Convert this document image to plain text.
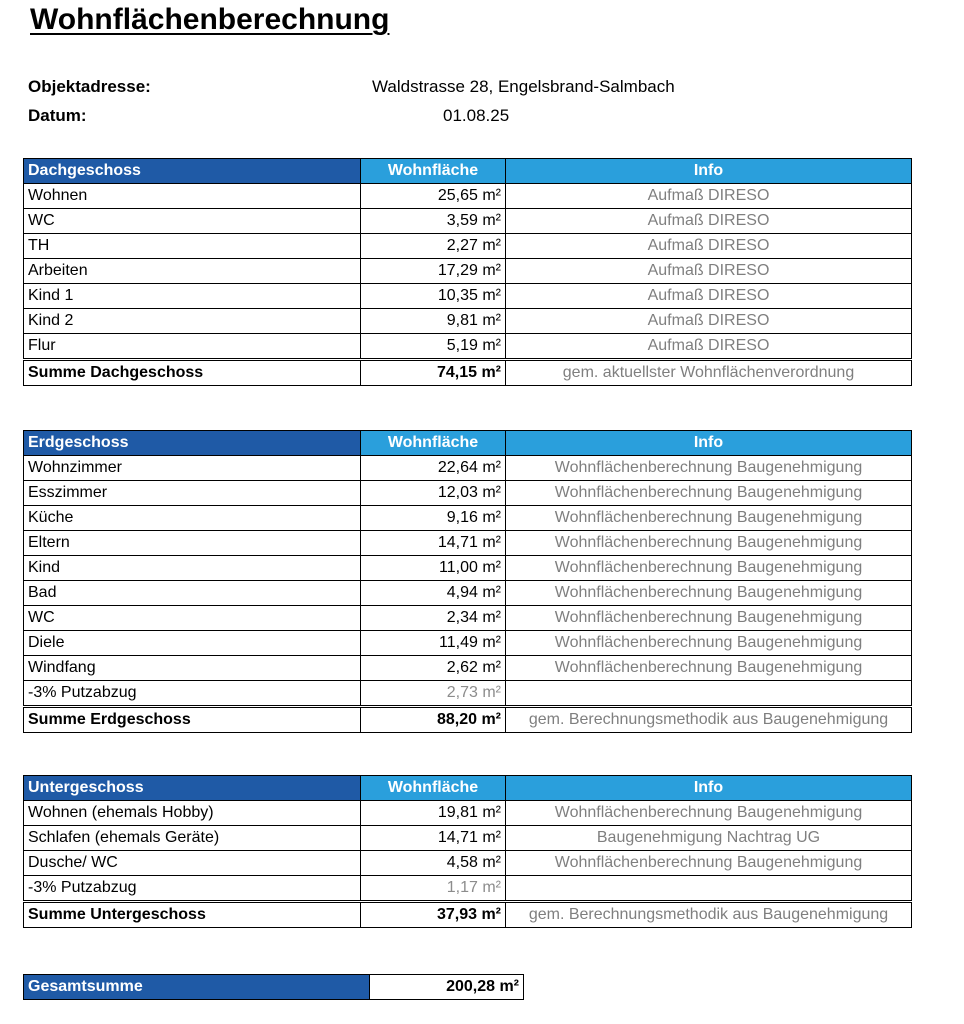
Wohnflächenberechnung
Objektadresse:	Waldstrasse 28, Engelsbrand-Salmbach
Datum:	01.08.25
Dachgeschoss	Wohnfläche	Info
Wohnen	25,65 m²	Aufmaß DIRESO
WC	3,59 m²	Aufmaß DIRESO
TH	2,27 m²	Aufmaß DIRESO
Arbeiten	17,29 m²	Aufmaß DIRESO
Kind 1	10,35 m²	Aufmaß DIRESO
Kind 2	9,81 m²	Aufmaß DIRESO
Flur	5,19 m²	Aufmaß DIRESO
Summe Dachgeschoss	74,15 m²	gem. aktuellster Wohnflächenverordnung
Erdgeschoss	Wohnfläche	Info
Wohnzimmer	22,64 m²	Wohnflächenberechnung Baugenehmigung
Esszimmer	12,03 m²	Wohnflächenberechnung Baugenehmigung
Küche	9,16 m²	Wohnflächenberechnung Baugenehmigung
Eltern	14,71 m²	Wohnflächenberechnung Baugenehmigung
Kind	11,00 m²	Wohnflächenberechnung Baugenehmigung
Bad	4,94 m²	Wohnflächenberechnung Baugenehmigung
WC	2,34 m²	Wohnflächenberechnung Baugenehmigung
Diele	11,49 m²	Wohnflächenberechnung Baugenehmigung
Windfang	2,62 m²	Wohnflächenberechnung Baugenehmigung
-3% Putzabzug	2,73 m²	
Summe Erdgeschoss	88,20 m²	gem. Berechnungsmethodik aus Baugenehmigung
Untergeschoss	Wohnfläche	Info
Wohnen (ehemals Hobby)	19,81 m²	Wohnflächenberechnung Baugenehmigung
Schlafen (ehemals Geräte)	14,71 m²	Baugenehmigung Nachtrag UG
Dusche/ WC	4,58 m²	Wohnflächenberechnung Baugenehmigung
-3% Putzabzug	1,17 m²	
Summe Untergeschoss	37,93 m²	gem. Berechnungsmethodik aus Baugenehmigung
Gesamtsumme	200,28 m²
